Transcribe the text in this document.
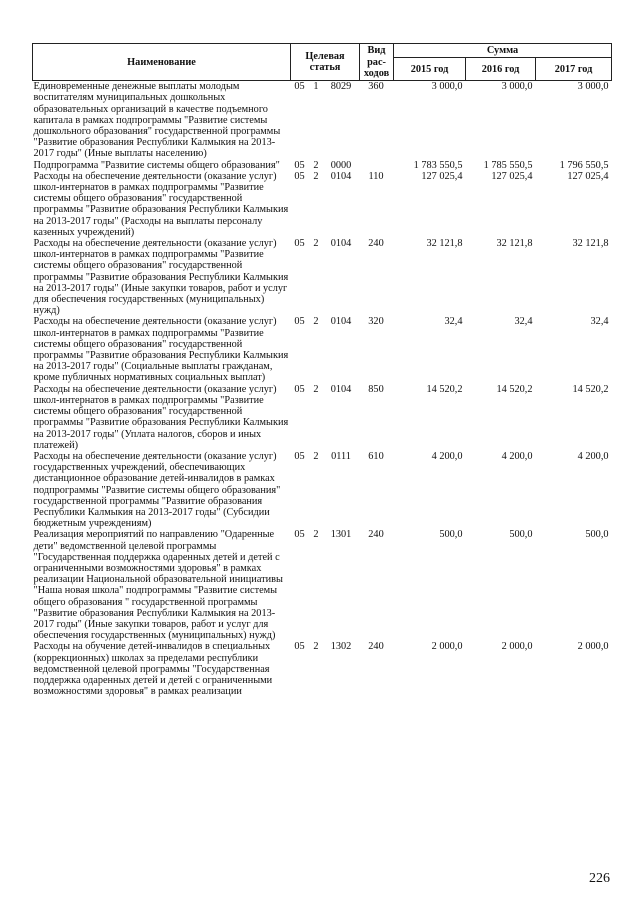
Наименование	Целевая
статья			Вид
рас-
ходов	Сумма		
					2015 год	2016 год	2017 год
Единовременные денежные выплаты молодым воспитателям муниципальных дошкольных образовательных организаций в качестве подъемного капитала в рамках подпрограммы "Развитие системы дошкольного образования" государственной программы "Развитие образования Республики Калмыкия на 2013-2017 годы" (Иные выплаты населению)	05	1	8029	360	3 000,0	3 000,0	3 000,0
Подпрограмма "Развитие системы общего образования"	05	2	0000		1 783 550,5	1 785 550,5	1 796 550,5
Расходы на обеспечение деятельности (оказание услуг) школ-интернатов в рамках подпрограммы "Развитие системы общего образования" государственной программы "Развитие образования Республики Калмыкия на 2013-2017 годы" (Расходы на выплаты персоналу казенных учреждений)	05	2	0104	110	127 025,4	127 025,4	127 025,4
Расходы на обеспечение деятельности (оказание услуг) школ-интернатов в рамках подпрограммы "Развитие системы общего образования" государственной программы "Развитие образования Республики Калмыкия на 2013-2017 годы" (Иные закупки товаров, работ и услуг для обеспечения государственных (муниципальных) нужд)	05	2	0104	240	32 121,8	32 121,8	32 121,8
Расходы на обеспечение деятельности (оказание услуг) школ-интернатов в рамках подпрограммы "Развитие системы общего образования" государственной программы "Развитие образования Республики Калмыкия на 2013-2017 годы" (Социальные выплаты гражданам, кроме публичных нормативных социальных выплат)	05	2	0104	320	32,4	32,4	32,4
Расходы на обеспечение деятельности (оказание услуг) школ-интернатов в рамках подпрограммы "Развитие системы общего образования" государственной программы "Развитие образования Республики Калмыкия на 2013-2017 годы" (Уплата налогов, сборов и иных платежей)	05	2	0104	850	14 520,2	14 520,2	14 520,2
Расходы на обеспечение деятельности (оказание услуг) государственных учреждений, обеспечивающих дистанционное образование детей-инвалидов в рамках подпрограммы "Развитие системы общего образования" государственной программы "Развитие образования Республики Калмыкия на 2013-2017 годы" (Субсидии бюджетным учреждениям)	05	2	0111	610	4 200,0	4 200,0	4 200,0
Реализация мероприятий по направлению "Одаренные дети" ведомственной целевой программы "Государственная поддержка одаренных детей и детей с ограниченными возможностями здоровья" в рамках реализации Национальной образовательной инициативы "Наша новая школа" подпрограммы "Развитие системы общего образования " государственной программы "Развитие образования Республики Калмыкия на 2013-2017 годы" (Иные закупки товаров, работ и услуг для обеспечения государственных (муниципальных) нужд)	05	2	1301	240	500,0	500,0	500,0
Расходы на обучение детей-инвалидов в специальных (коррекционных) школах за пределами республики ведомственной целевой программы "Государственная поддержка одаренных детей и детей с ограниченными возможностями здоровья" в рамках реализации	05	2	1302	240	2 000,0	2 000,0	2 000,0
226
